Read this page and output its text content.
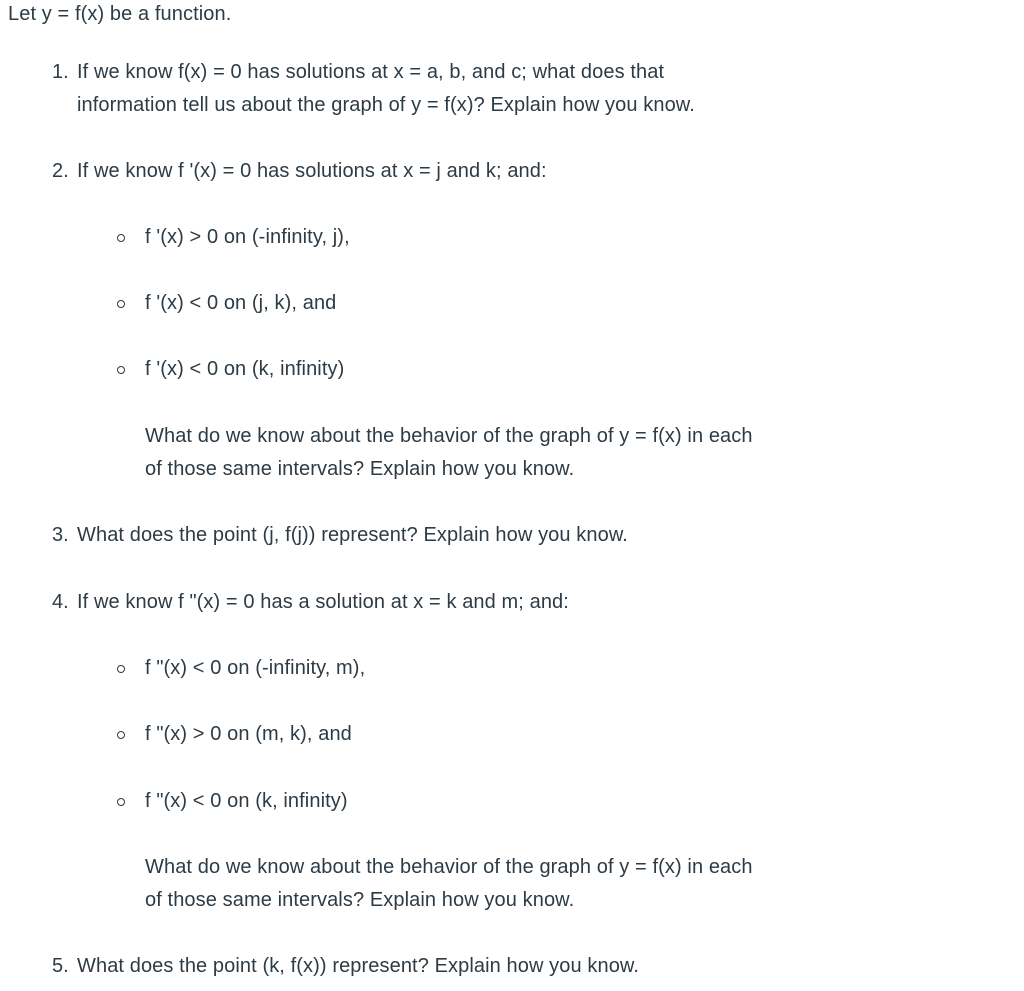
Let y = f(x) be a function.
1. If we know f(x) = 0 has solutions at x = a, b, and c; what does that
information tell us about the graph of y = f(x)? Explain how you know.
2. If we know f '(x) = 0 has solutions at x = j and k; and:
f '(x) > 0 on (-infinity, j),
f '(x) < 0 on (j, k), and
f '(x) < 0 on (k, infinity)
What do we know about the behavior of the graph of y = f(x) in each
of those same intervals? Explain how you know.
3. What does the point (j, f(j)) represent? Explain how you know.
4. If we know f "(x) = 0 has a solution at x = k and m; and:
f "(x) < 0 on (-infinity, m),
f "(x) > 0 on (m, k), and
f "(x) < 0 on (k, infinity)
What do we know about the behavior of the graph of y = f(x) in each
of those same intervals? Explain how you know.
5. What does the point (k, f(x)) represent? Explain how you know.
